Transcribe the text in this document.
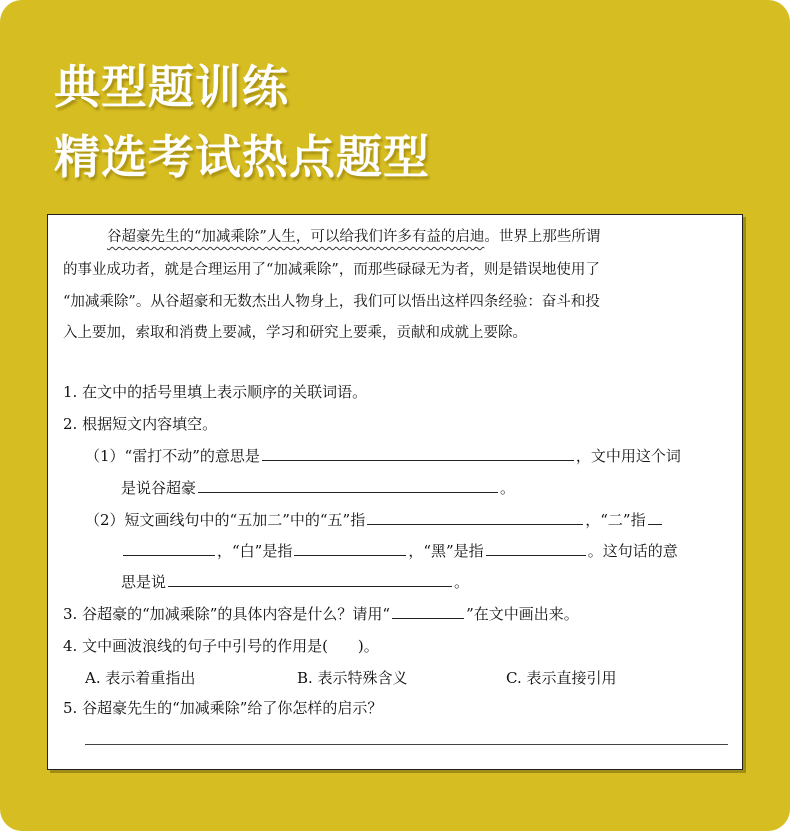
典型题训练
精选考试热点题型
谷超豪先生的“加减乘除”人生，可以给我们许多有益的启迪。世界上那些所谓
的事业成功者，就是合理运用了“加减乘除”，而那些碌碌无为者，则是错误地使用了
“加减乘除”。从谷超豪和无数杰出人物身上，我们可以悟出这样四条经验：奋斗和投
入上要加，索取和消费上要减，学习和研究上要乘，贡献和成就上要除。
1. 在文中的括号里填上表示顺序的关联词语。
2. 根据短文内容填空。
（1）“雷打不动”的意思是	，文中用这个词
是说谷超豪	。
（2）短文画线句中的“五加二”中的“五”指	，“二”指
，“白”是指	，“黑”是指	。这句话的意
思是说	。
3. 谷超豪的“加减乘除”的具体内容是什么？请用“	”在文中画出来。
4. 文中画波浪线的句子中引号的作用是(　　)。
A. 表示着重指出	B. 表示特殊含义	C. 表示直接引用
5. 谷超豪先生的“加减乘除”给了你怎样的启示？
